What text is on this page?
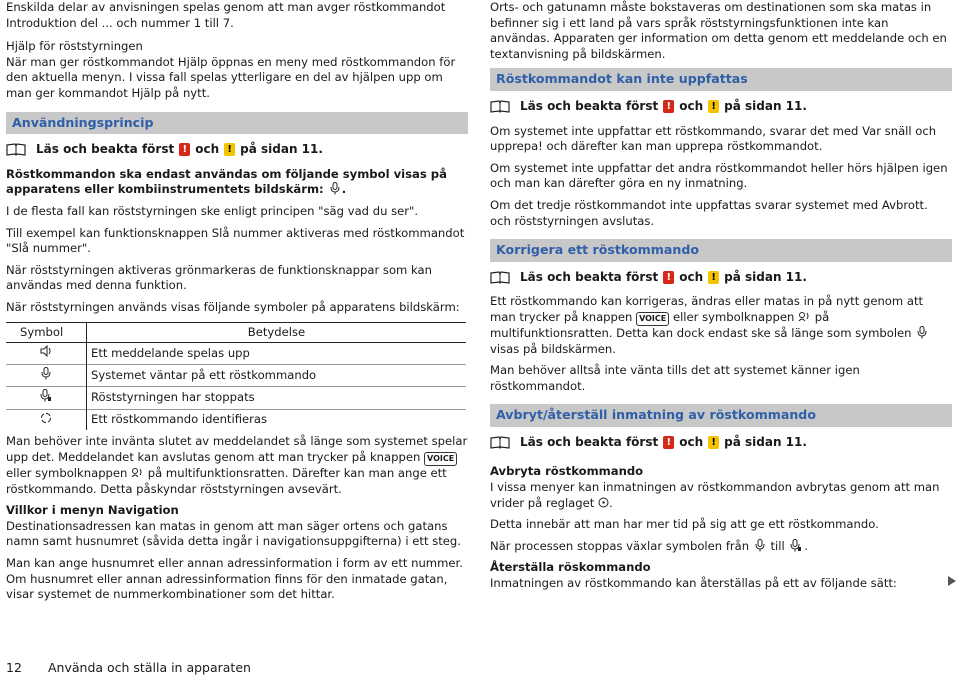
Enskilda delar av anvisningen spelas genom att man avger röstkommandot Introduktion del ... och nummer 1 till 7.

Hjälp för röststyrningen

När man ger röstkommandot Hjälp öppnas en meny med röstkommandon för den aktuella menyn. I vissa fall spelas ytterligare en del av hjälpen upp om man ger kommandot Hjälp på nytt.

Användningsprincip
Läs och beakta först ! och ! på sidan 11.

Röstkommandon ska endast användas om följande symbol visas på apparatens eller kombiinstrumentets bildskärm: .

I de flesta fall kan röststyrningen ske enligt principen "säg vad du ser".

Till exempel kan funktionsknappen Slå nummer aktiveras med röstkommandot "Slå nummer".

När röststyrningen aktiveras grönmarkeras de funktionsknappar som kan användas med denna funktion.

När röststyrningen används visas följande symboler på apparatens bildskärm:

Symbol	Betydelse
	Ett meddelande spelas upp
	Systemet väntar på ett röstkommando
	Röststyrningen har stoppats
	Ett röstkommando identifieras

Man behöver inte invänta slutet av meddelandet så länge som systemet spelar upp det. Meddelandet kan avslutas genom att man trycker på knappen VOICE eller symbolknappen på multifunktionsratten. Därefter kan man ange ett röstkommando. Detta påskyndar röststyrningen avsevärt.

Villkor i menyn Navigation

Destinationsadressen kan matas in genom att man säger ortens och gatans namn samt husnumret (såvida detta ingår i navigationsuppgifterna) i ett steg.

Man kan ange husnumret eller annan adressinformation i form av ett nummer. Om husnumret eller annan adressinformation finns för den inmatade gatan, visar systemet de nummerkombinationer som det hittar.

Orts- och gatunamn måste bokstaveras om destinationen som ska matas in befinner sig i ett land på vars språk röststyrningsfunktionen inte kan användas. Apparaten ger information om detta genom ett meddelande och en textanvisning på bildskärmen.

Röstkommandot kan inte uppfattas
Läs och beakta först ! och ! på sidan 11.

Om systemet inte uppfattar ett röstkommando, svarar det med Var snäll och upprepa! och därefter kan man upprepa röstkommandot.

Om systemet inte uppfattar det andra röstkommandot heller hörs hjälpen igen och man kan därefter göra en ny inmatning.

Om det tredje röstkommandot inte uppfattas svarar systemet med Avbrott. och röststyrningen avslutas.

Korrigera ett röstkommando
Läs och beakta först ! och ! på sidan 11.

Ett röstkommando kan korrigeras, ändras eller matas in på nytt genom att man trycker på knappen VOICE eller symbolknappen på multifunktionsratten. Detta kan dock endast ske så länge som symbolen  visas på bildskärmen.

Man behöver alltså inte vänta tills det att systemet känner igen röstkommandot.

Avbryt/återställ inmatning av röstkommando
Läs och beakta först ! och ! på sidan 11.

Avbryta röstkommando

I vissa menyer kan inmatningen av röstkommandon avbrytas genom att man vrider på reglaget .

Detta innebär att man har mer tid på sig att ge ett röstkommando.

När processen stoppas växlar symbolen från till .

Återställa röskommando

Inmatningen av röstkommando kan återställas på ett av följande sätt:

12 Använda och ställa in apparaten
